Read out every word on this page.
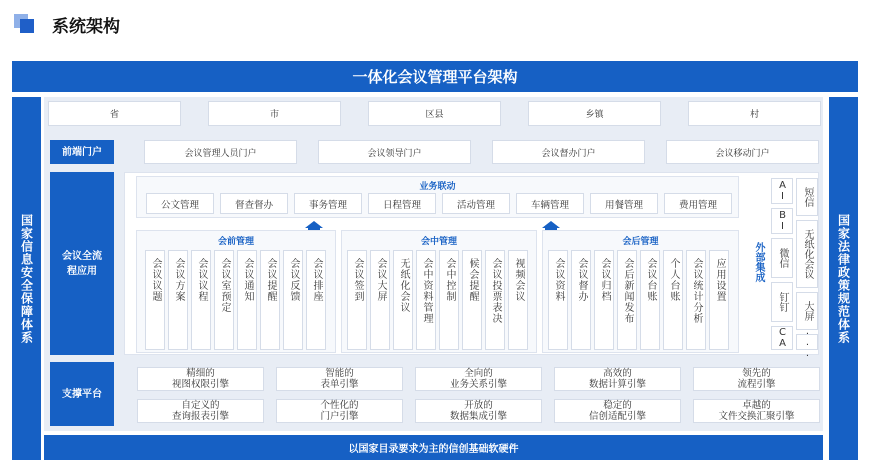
系统架构
一体化会议管理平台架构
国家信息安全保障体系	国家法律政策规范体系
省	市	区县	乡镇	村
前端门户	会议管理人员门户	会议领导门户	会议督办门户	会议移动门户
会议全流
程应用
业务联动
公文管理	督查督办	事务管理	日程管理	活动管理	车辆管理	用餐管理	费用管理
会前管理
会议议题 会议方案 会议议程 会议室预定 会议通知 会议提醒 会议反馈 会议排座
会中管理
会议签到 会议大屏 无纸化会议 会中资料管理 会中控制 候会提醒 会议投票表决 视频会议
会后管理
会议资料 会议督办 会议归档 会后新闻发布 会议台账 个人台账 会议统计分析 应用设置	外部集成
AI
BI
微信
钉钉
CA
短信
无纸化会议
大屏
...
支撑平台
精细的
视图权限引擎
智能的
表单引擎
全向的
业务关系引擎
高效的
数据计算引擎
领先的
流程引擎
自定义的
查询报表引擎
个性化的
门户引擎
开放的
数据集成引擎
稳定的
信创适配引擎
卓越的
文件交换汇聚引擎
以国家目录要求为主的信创基础软硬件
